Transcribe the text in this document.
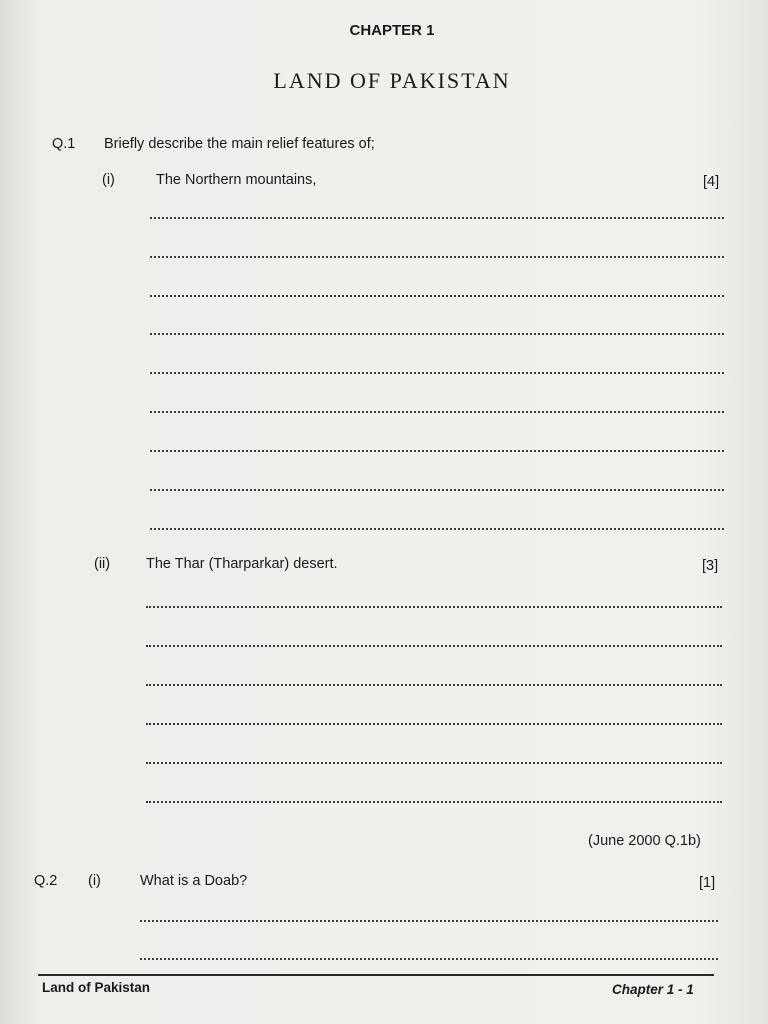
CHAPTER 1
LAND OF PAKISTAN
Q.1 Briefly describe the main relief features of;
(i)	The Northern mountains,	[4]
(ii) The Thar (Tharparkar) desert.	[3]
(June 2000 Q.1b)
Q.2 (i)	What is a Doab?	[1]
Land of Pakistan	Chapter 1 - 1
